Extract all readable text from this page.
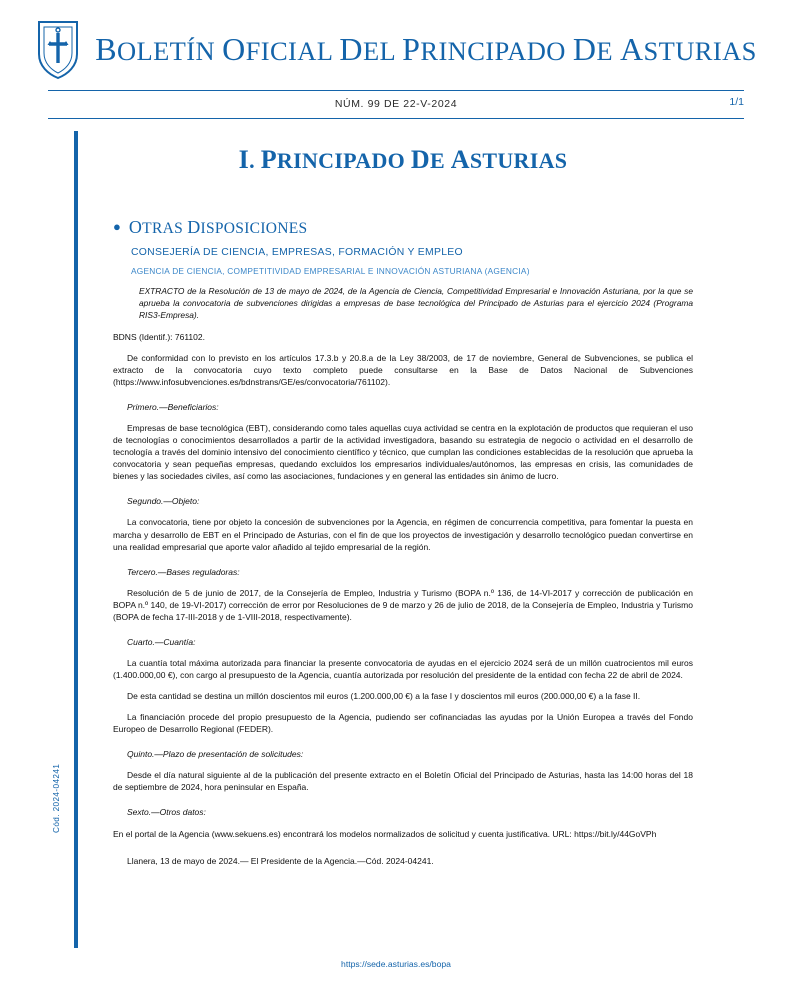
BOLETÍN OFICIAL DEL PRINCIPADO DE ASTURIAS
NÚM. 99 DE 22-V-2024	1/1
Cód. 2024-04241
I. PRINCIPADO DE ASTURIAS
● OTRAS DISPOSICIONES
CONSEJERÍA DE CIENCIA, EMPRESAS, FORMACIÓN Y EMPLEO
AGENCIA DE CIENCIA, COMPETITIVIDAD EMPRESARIAL E INNOVACIÓN ASTURIANA (AGENCIA)
EXTRACTO de la Resolución de 13 de mayo de 2024, de la Agencia de Ciencia, Competitividad Empresarial e Innovación Asturiana, por la que se aprueba la convocatoria de subvenciones dirigidas a empresas de base tecnológica del Principado de Asturias para el ejercicio 2024 (Programa RIS3-Empresa).

BDNS (Identif.): 761102.

De conformidad con lo previsto en los artículos 17.3.b y 20.8.a de la Ley 38/2003, de 17 de noviembre, General de Subvenciones, se publica el extracto de la convocatoria cuyo texto completo puede consultarse en la Base de Datos Nacional de Subvenciones (https://www.infosubvenciones.es/bdnstrans/GE/es/convocatoria/761102).

Primero.—Beneficiarios:

Empresas de base tecnológica (EBT), considerando como tales aquellas cuya actividad se centra en la explotación de productos que requieran el uso de tecnologías o conocimientos desarrollados a partir de la actividad investigadora, basando su estrategia de negocio o actividad en el desarrollo de tecnología a través del dominio intensivo del conocimiento científico y técnico, que cumplan las condiciones establecidas de la resolución que aprueba la convocatoria y sean pequeñas empresas, quedando excluidos los empresarios individuales/autónomos, las empresas en crisis, las comunidades de bienes y las sociedades civiles, así como las asociaciones, fundaciones y en general las entidades sin ánimo de lucro.

Segundo.—Objeto:

La convocatoria, tiene por objeto la concesión de subvenciones por la Agencia, en régimen de concurrencia competitiva, para fomentar la puesta en marcha y desarrollo de EBT en el Principado de Asturias, con el fin de que los proyectos de investigación y desarrollo tecnológico puedan convertirse en una realidad empresarial que aporte valor añadido al tejido empresarial de la región.

Tercero.—Bases reguladoras:

Resolución de 5 de junio de 2017, de la Consejería de Empleo, Industria y Turismo (BOPA n.º 136, de 14-VI-2017 y corrección de publicación en BOPA n.º 140, de 19-VI-2017) corrección de error por Resoluciones de 9 de marzo y 26 de julio de 2018, de la Consejería de Empleo, Industria y Turismo (BOPA de fecha 17-III-2018 y de 1-VIII-2018, respectivamente).

Cuarto.—Cuantía:

La cuantía total máxima autorizada para financiar la presente convocatoria de ayudas en el ejercicio 2024 será de un millón cuatrocientos mil euros (1.400.000,00 €), con cargo al presupuesto de la Agencia, cuantía autorizada por resolución del presidente de la entidad con fecha 22 de abril de 2024.

De esta cantidad se destina un millón doscientos mil euros (1.200.000,00 €) a la fase I y doscientos mil euros (200.000,00 €) a la fase II.

La financiación procede del propio presupuesto de la Agencia, pudiendo ser cofinanciadas las ayudas por la Unión Europea a través del Fondo Europeo de Desarrollo Regional (FEDER).

Quinto.—Plazo de presentación de solicitudes:

Desde el día natural siguiente al de la publicación del presente extracto en el Boletín Oficial del Principado de Asturias, hasta las 14:00 horas del 18 de septiembre de 2024, hora peninsular en España.

Sexto.—Otros datos:

En el portal de la Agencia (www.sekuens.es) encontrará los modelos normalizados de solicitud y cuenta justificativa. URL: https://bit.ly/44GoVPh

Llanera, 13 de mayo de 2024.— El Presidente de la Agencia.—Cód. 2024-04241.

https://sede.asturias.es/bopa
